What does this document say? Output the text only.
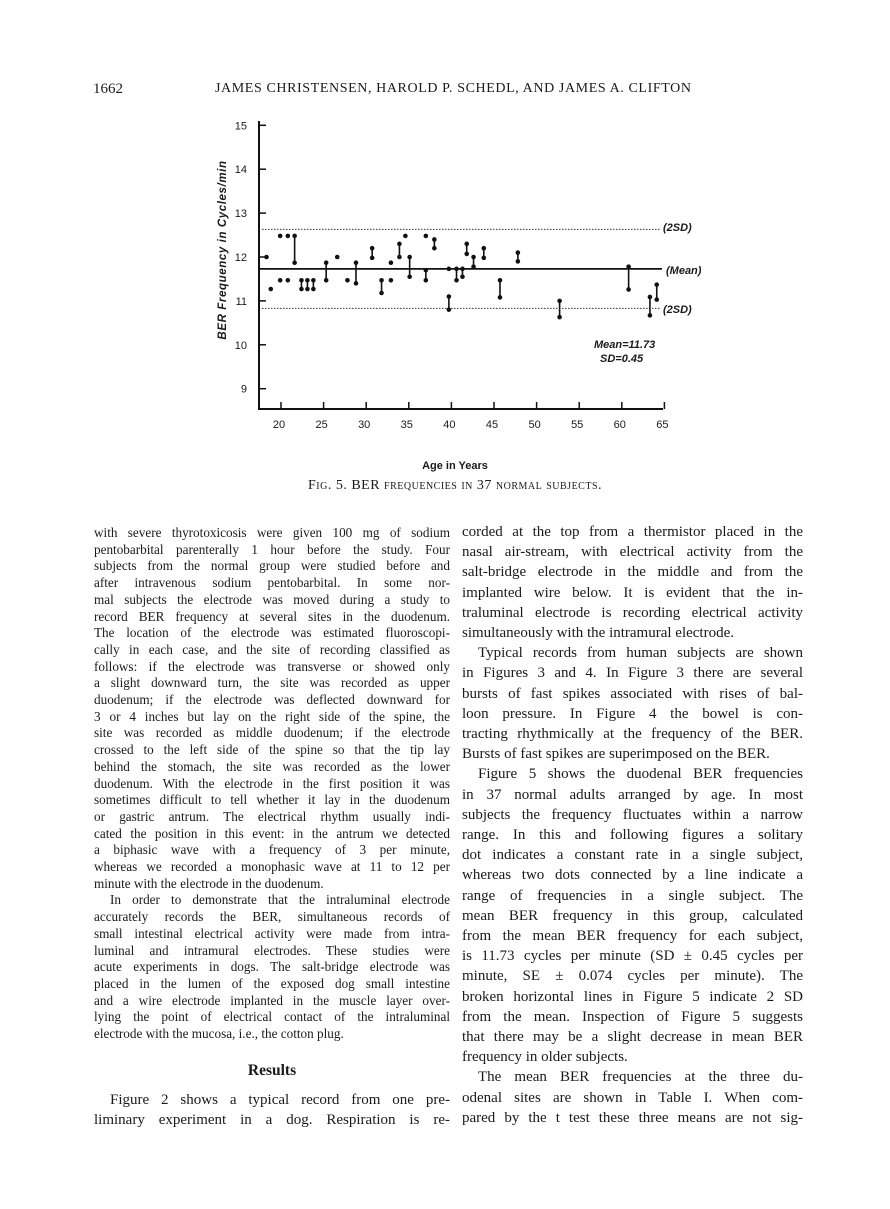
1662	JAMES CHRISTENSEN, HAROLD P. SCHEDL, AND JAMES A. CLIFTON
9
10
11
12
13
14
15
20	25	30	35	40	45	50	55	60	65
BER Frequency in Cycles/min
Age in Years
(2SD)
(Mean)
(2SD)
Mean=11.73
SD=0.45
Fig. 5. BER frequencies in 37 normal subjects.
with severe thyrotoxicosis were given 100 mg of sodium
pentobarbital parenterally 1 hour before the study. Four
subjects from the normal group were studied before and
after intravenous sodium pentobarbital. In some nor-
mal subjects the electrode was moved during a study to
record BER frequency at several sites in the duodenum.
The location of the electrode was estimated fluoroscopi-
cally in each case, and the site of recording classified as
follows: if the electrode was transverse or showed only
a slight downward turn, the site was recorded as upper
duodenum; if the electrode was deflected downward for
3 or 4 inches but lay on the right side of the spine, the
site was recorded as middle duodenum; if the electrode
crossed to the left side of the spine so that the tip lay
behind the stomach, the site was recorded as the lower
duodenum. With the electrode in the first position it was
sometimes difficult to tell whether it lay in the duodenum
or gastric antrum. The electrical rhythm usually indi-
cated the position in this event: in the antrum we detected
a biphasic wave with a frequency of 3 per minute,
whereas we recorded a monophasic wave at 11 to 12 per
minute with the electrode in the duodenum.
In order to demonstrate that the intraluminal electrode
accurately records the BER, simultaneous records of
small intestinal electrical activity were made from intra-
luminal and intramural electrodes. These studies were
acute experiments in dogs. The salt-bridge electrode was
placed in the lumen of the exposed dog small intestine
and a wire electrode implanted in the muscle layer over-
lying the point of electrical contact of the intraluminal
electrode with the mucosa, i.e., the cotton plug.
Results
Figure 2 shows a typical record from one pre-
liminary experiment in a dog. Respiration is re-
corded at the top from a thermistor placed in the
nasal air-stream, with electrical activity from the
salt-bridge electrode in the middle and from the
implanted wire below. It is evident that the in-
traluminal electrode is recording electrical activity
simultaneously with the intramural electrode.
Typical records from human subjects are shown
in Figures 3 and 4. In Figure 3 there are several
bursts of fast spikes associated with rises of bal-
loon pressure. In Figure 4 the bowel is con-
tracting rhythmically at the frequency of the BER.
Bursts of fast spikes are superimposed on the BER.
Figure 5 shows the duodenal BER frequencies
in 37 normal adults arranged by age. In most
subjects the frequency fluctuates within a narrow
range. In this and following figures a solitary
dot indicates a constant rate in a single subject,
whereas two dots connected by a line indicate a
range of frequencies in a single subject. The
mean BER frequency in this group, calculated
from the mean BER frequency for each subject,
is 11.73 cycles per minute (SD ± 0.45 cycles per
minute, SE ± 0.074 cycles per minute). The
broken horizontal lines in Figure 5 indicate 2 SD
from the mean. Inspection of Figure 5 suggests
that there may be a slight decrease in mean BER
frequency in older subjects.
The mean BER frequencies at the three du-
odenal sites are shown in Table I. When com-
pared by the t test these three means are not sig-
